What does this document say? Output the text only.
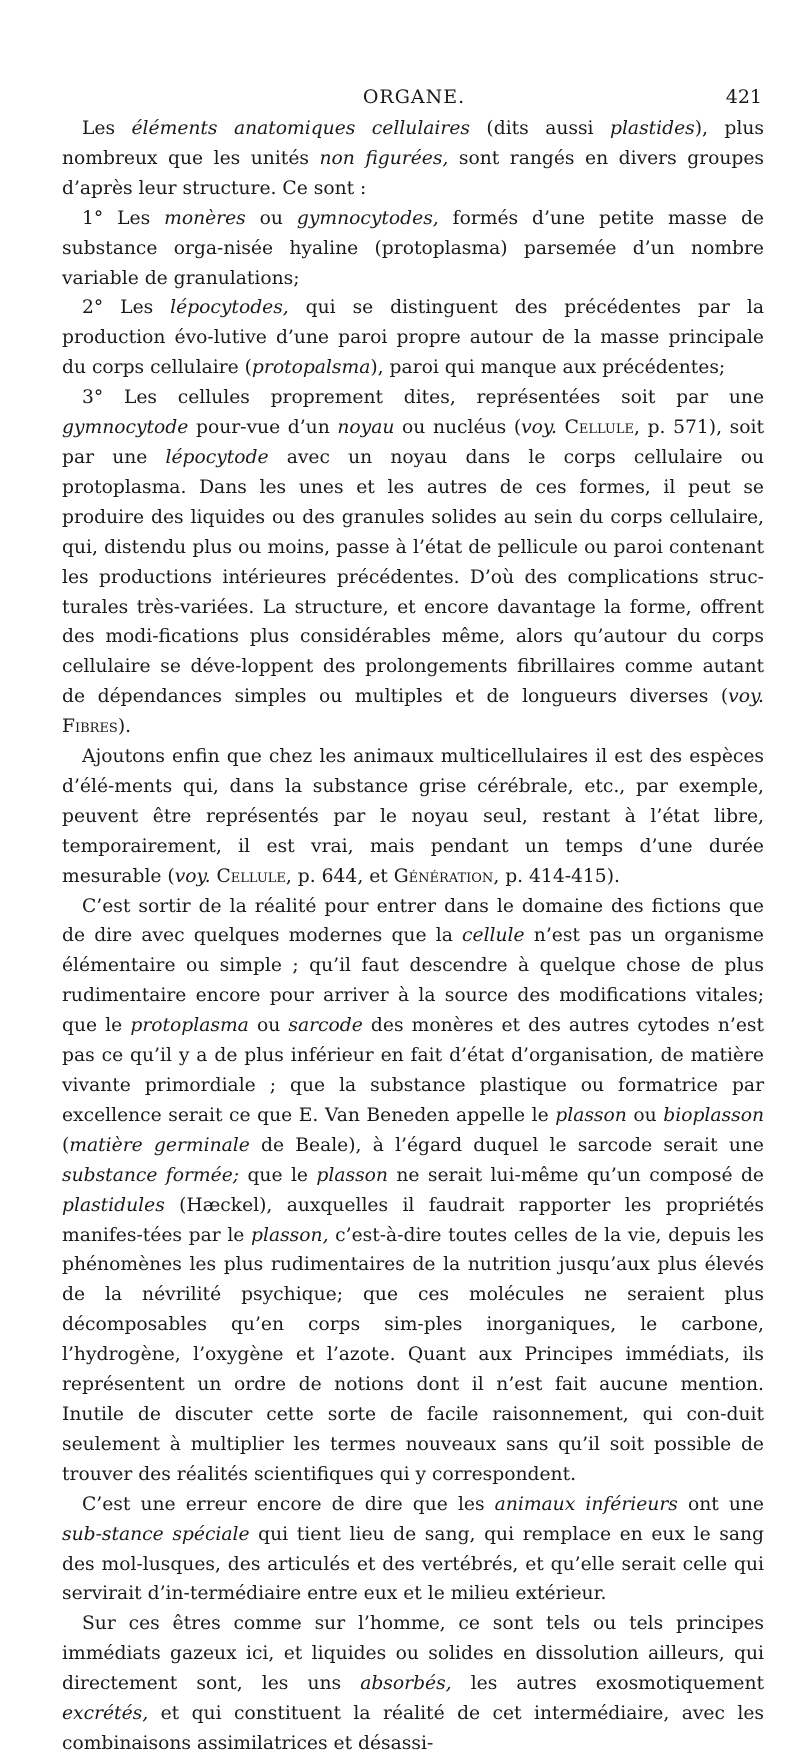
ORGANE.	421

Les éléments anatomiques cellulaires (dits aussi plastides), plus nombreux que les unités non figurées, sont rangés en divers groupes d’après leur structure. Ce sont :

1° Les monères ou gymnocytodes, formés d’une petite masse de substance orga-nisée hyaline (protoplasma) parsemée d’un nombre variable de granulations;

2° Les lépocytodes, qui se distinguent des précédentes par la production évo-lutive d’une paroi propre autour de la masse principale du corps cellulaire (protopalsma), paroi qui manque aux précédentes;

3° Les cellules proprement dites, représentées soit par une gymnocytode pour-vue d’un noyau ou nucléus (voy. Cellule, p. 571), soit par une lépocytode avec un noyau dans le corps cellulaire ou protoplasma. Dans les unes et les autres de ces formes, il peut se produire des liquides ou des granules solides au sein du corps cellulaire, qui, distendu plus ou moins, passe à l’état de pellicule ou paroi contenant les productions intérieures précédentes. D’où des complications struc-turales très-variées. La structure, et encore davantage la forme, offrent des modi-fications plus considérables même, alors qu’autour du corps cellulaire se déve-loppent des prolongements fibrillaires comme autant de dépendances simples ou multiples et de longueurs diverses (voy. Fibres).

Ajoutons enfin que chez les animaux multicellulaires il est des espèces d’élé-ments qui, dans la substance grise cérébrale, etc., par exemple, peuvent être représentés par le noyau seul, restant à l’état libre, temporairement, il est vrai, mais pendant un temps d’une durée mesurable (voy. Cellule, p. 644, et Génération, p. 414-415).

C’est sortir de la réalité pour entrer dans le domaine des fictions que de dire avec quelques modernes que la cellule n’est pas un organisme élémentaire ou simple ; qu’il faut descendre à quelque chose de plus rudimentaire encore pour arriver à la source des modifications vitales; que le protoplasma ou sarcode des monères et des autres cytodes n’est pas ce qu’il y a de plus inférieur en fait d’état d’organisation, de matière vivante primordiale ; que la substance plastique ou formatrice par excellence serait ce que E. Van Beneden appelle le plasson ou bioplasson (matière germinale de Beale), à l’égard duquel le sarcode serait une substance formée; que le plasson ne serait lui-même qu’un composé de plastidules (Hæckel), auxquelles il faudrait rapporter les propriétés manifes-tées par le plasson, c’est-à-dire toutes celles de la vie, depuis les phénomènes les plus rudimentaires de la nutrition jusqu’aux plus élevés de la névrilité psychique; que ces molécules ne seraient plus décomposables qu’en corps sim-ples inorganiques, le carbone, l’hydrogène, l’oxygène et l’azote. Quant aux Principes immédiats, ils représentent un ordre de notions dont il n’est fait aucune mention. Inutile de discuter cette sorte de facile raisonnement, qui con-duit seulement à multiplier les termes nouveaux sans qu’il soit possible de trouver des réalités scientifiques qui y correspondent.

C’est une erreur encore de dire que les animaux inférieurs ont une sub-stance spéciale qui tient lieu de sang, qui remplace en eux le sang des mol-lusques, des articulés et des vertébrés, et qu’elle serait celle qui servirait d’in-termédiaire entre eux et le milieu extérieur.

Sur ces êtres comme sur l’homme, ce sont tels ou tels principes immédiats gazeux ici, et liquides ou solides en dissolution ailleurs, qui directement sont, les uns absorbés, les autres exosmotiquement excrétés, et qui constituent la réalité de cet intermédiaire, avec les combinaisons assimilatrices et désassi-
